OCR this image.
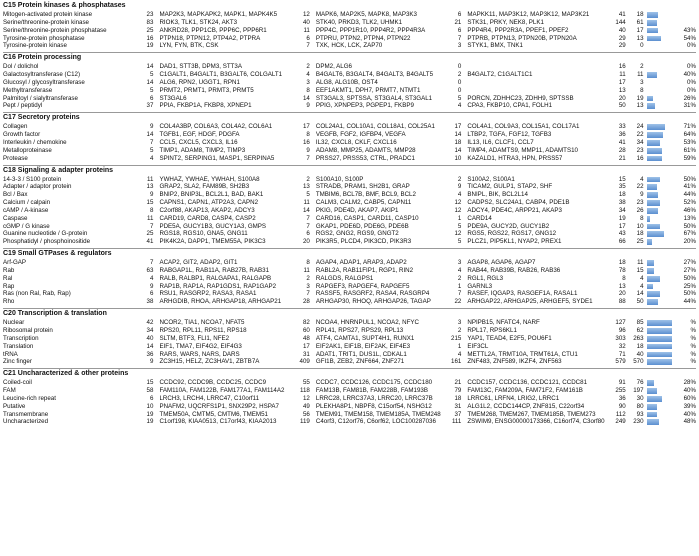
C15 Protein kinases & phosphatases
Mitogen-activated protein kinase	23 MAP2K3, MAPKAPK2, MAPK1, MAPK4K5	12 MAPK6, MAP2K5, MAPK8, MAP3K3	6 MAPKK11, MAP3K12, MAP3K12, MAP3K21	41	18
Serine/threonine-protein kinase	83 RIOK3, TLK1, STK24, AKT3	40 STK40, PRKD3, TLK2, UHMK1	21 STK31, PRKY, NEK8, PLK1	144	61
Serine/threonine-protein phosphatase	25 ANKRD28, PPP1CB, PPP6C, PPP6R1	11 PPP4C, PPP1R10, PPP4R2, PPP4R3A	6 PPP4R4, PPP2R3A, PPEF1, PPEF2	40	17	43%
Tyrosine-protein phosphatase	16 PTPN18, PTPN12, PTP4A2, PTPRA	6 PTPRU, PTPN2, PTPN4, PTPN22	7 PTPRB, PTPN13, PTPN20B, PTPN20A	29	13	54%
Tyrosine-protein kinase	19 LYN, FYN, BTK, CSK	7 TXK, HCK, LCK, ZAP70	3 STYK1, BMX, TNK1	29	0	0%
C16 Protein processing
Dol / dolichol	14 DAD1, STT3B, DPM3, STT3A	2 DPM2, ALG6	0	16	2	0%
Galactosyltransferase (C12)	5 C1GALT1, B4GALT1, B3GALT6, COLGALT1	4 B4GALT6, B3GALT4, B4GALT3, B4GALT5	2 B4GALT2, C1GALT1C1	11	11	40%
Glucosyl / glycosyltransferase	14 ALG6, RPN2, UGGT1, RPN1	3 ALG8, ALG10B, OST4	0	17	3	0%
Methyltransferase	5 PRMT2, PRMT1, PRMT3, PRMT5	8 EEF1AKMT1, DPH7, PRMT7, NTMT1	0	13	8	0%
Palmitoyl / sialyltransferase	6 ST3GAL6	14 ST3GAL3, SPTSSA, ST3GAL4, ST3GAL1	5 PORCN, ZDHHC23, ZDHH9, SPTSSB	20	19	26%
Pept / peptidyl	37 PPIA, FKBP1A, FKBP8, XPNEP1	9 PPIG, XPNPEP3, PGPEP1, FKBP9	4 CPA3, FKBP10, CPA1, FOLH1	50	13	31%
C17 Secretory proteins
Collagen	9 COL4A3BP, COL6A3, COL4A2, COL6A1	17 COL24A1, COL10A1, COL18A1, COL25A1	17 COL4A1, COL9A3, COL15A1, COL17A1	33	24	71%
Growth factor	14 TGFB1, EGF, HDGF, PDGFA	8 VEGFB, FGF2, IGFBP4, VEGFA	14 LTBP2, TGFA, FGF12, TGFB3	36	22	64%
Interleukin / chemokine	7 CCL5, CXCL5, CXCL3, IL16	16 IL32, CXCL8, CKLF, CXCL16	18 IL13, IL6, CLCF1, CCL7	41	34	53%
Metalloproteinase	5 TIMP1, ADAM8, TIMP2, TIMP3	9 ADAM8, MMP25, ADAMTS, MMP28	14 TIMP4, ADAMTS9, MMP11, ADAMTS10	28	23	61%
Protease	4 SPINT2, SERPING1, MASP1, SERPINA5	7 PRSS27, PRSS53, CTRL, PRADC1	10 KAZALD1, HTRA3, HPN, PRSS57	21	16	59%
C18 Signaling & adapter proteins
14-3-3 / S100 protein	11 YWHAZ, YWHAE, YWHAH, S100A8	2 S100A10, S100P	2 S100A2, S100A1	15	4	50%
Adapter / adaptor protein	13 GRAP2, SLA2, FAM89B, SH2B3	13 STRADB, PRAM1, SH2B1, GRAP	9 TICAM2, GULP1, STAP2, SHF	35	22	41%
Bcl / Bax	9 BNIP2, BNIP3L, BCL2L1, BAD, BAK1	5 TMBIM6, BCL7B, BMF, BCL9, BCL2	4 BNIPL, BIK, BCL2L14	18	9	44%
Calcium / calpain	15 CAPNS1, CAPN1, ATP2A3, CAPN2	11 CALM3, CALM2, CABP5, CAPN11	12 CADPS2, SLC24A1, CABP4, PDE1B	38	23	52%
cAMP / A-kinase	8 C2orf88, AKAP13, AKAP2, ADCY3	14 PKIG, PDE4D, AKAP7, AKIP1	12 ADCY4, PDE4C, ARPP21, AKAP3	34	26	46%
Caspase	11 CARD19, CARD8, CASP4, CASP2	7 CARD16, CASP1, CARD11, CASP10	1 CARD14	19	8	13%
cGMP / G kinase	7 PDE5A, GUCY1B3, GUCY1A3, GMPS	7 GKAP1, PDE6D, PDE6G, PDE6B	5 PDE9A, GUCY2D, GUCY1B2	17	10	50%
Guanine nucleotide / G-protein	25 RGS18, RGS10, GNA5, GNG11	6 RGS2, GNG2, RGS9, GNGT2	12 RGS5, RGS22, RGS17, GNG12	43	18	67%
Phosphatidyl / phosphoinositide	41 PIK4K2A, DAPP1, TMEM55A, PIK3C3	20 PIK3R5, PLCD4, PIK3CD, PIK3R3	5 PLCZ1, PIP5KL1, NYAP2, PREX1	66	25	20%
C19 Small GTPases & regulators
Arf-GAP	7 ACAP2, GIT2, ADAP2, GIT1	8 AGAP4, ADAP1, ARAP3, ADAP2	3 AGAP8, AGAP6, AGAP7	18	11	27%
Rab	63 RABGAP1L, RAB11A, RAB27B, RAB31	11 RABL2A, RAB11FIP1, RGP1, RIN2	4 RAB44, RAB39B, RAB26, RAB36	78	15	27%
Ral	4 RALB, RALBP1, RALGAPA1, RALGAPB	2 RALGDS, RALGPS1	2 RGL1, RGL3	8	4	50%
Rap	9 RAP1B, RAP1A, RAP1GDS1, RAP1GAP2	3 RAPGEF3, RAPGEF4, RAPGEF5	1 GARNL3	13	4	25%
Ras (non Ral, Rab, Rap)	6 RSU1, RASGRP2, RASA3, RASA1	7 RASSF5, RASGRF2, RASA4, RASGRP4	7 RASEF, IQGAP3, RASGEF1A, RASAL1	20	14	50%
Rho	38 ARHGDIB, RHOA, ARHGAP18, ARHGAP21	28 ARHGAP30, RHOQ, ARHGAP26, TAGAP	22 ARHGAP22, ARHGAP25, ARHGEF5, SYDE1	88	50	44%
C20 Transcription & translation
Nuclear	42 NCOR2, TIA1, NCOA7, NFAT5	82 NCOA4, HNRNPUL1, NCOA2, NFYC	3 NPIPB15, NFATC4, NARF	127	85	%
Ribosomal protein	34 RPS20, RPL11, RPS11, RPS18	60 RPL41, RPS27, RPS29, RPL13	2 RPL17, RPS6KL1	96	62	%
Transcription	40 SLTM, BTF3, FLI1, NFE2	48 ATF4, CAMTA1, SUPT4H1, RUNX1	215 YAP1, TEAD4, E2F5, POU6F1	303	263	%
Translation	14 EIF1, TMA7, EIF4G2, EIF4G3	17 EIF2AK1, EIF1B, EIF2AK, EIF4E3	1 EIF3CL	32	18	%
tRNA	36 RARS, WARS, NARS, DARS	31 ADAT1, TRIT1, DUS1L, CDKAL1	4 METTL2A, TRMT10A, TRMT61A, CTU1	71	40	%
Zinc finger	9 ZC3H15, HELZ, ZC3HAV1, ZBTB7A	409 GFI1B, ZEB2, ZNF664, ZNF271	161 ZNF483, ZNF589, IKZF4, ZNF563	579	570	%
C21 Uncharacterized & other proteins
Coiled-coil	15 CCDC92, CCDC9B, CCDC25, CCDC9	55 CCDC7, CCDC126, CCDC175, CCDC180	21 CCDC157, CCDC136, CCDC121, CCDC81	91	76	28%
FAM	58 FAM110A, FAM122B, FAM177A1, FAM114A2	118 FAM13B, FAM81B, FAM228B, FAM193B	79 FAM13C, FAM209A, FAM71F2, FAM161B	255	197	40%
Leucine-rich repeat	6 LRCH3, LRCH4, LRRC47, C10orf11	12 LRRC28, LRRC37A3, LRRC20, LRRC37B	18 LRRC61, LRFN4, LRIG2, LRRC1	36	30	60%
Putative	10 PNAFM2, UQCRFS1P1, SNX29P2, HSPA7	49 PLEKHA8P1, NBPF8, C15orf54, NSHG12	31 ALG1L2, CCDC144CP, ZNF815, C22orf34	90	80	39%
Transmembrane	19 TMEM50A, CMTM5, CMTM6, TMEM51	56 TMEM91, TMEM158, TMEM185A, TMEM248	37 TMEM268, TMEM267, TMEM185B, TMEM273	112	93	40%
Uncharacterized	19 C1orf198, KIAA0513, C17orf43, KIAA2013	119 C4orf3, C12orf76, C6orf62, LOC100287036	111 ZSWIM9, ENSG00000173366, C16orf74, C3orf80	249	230	48%
